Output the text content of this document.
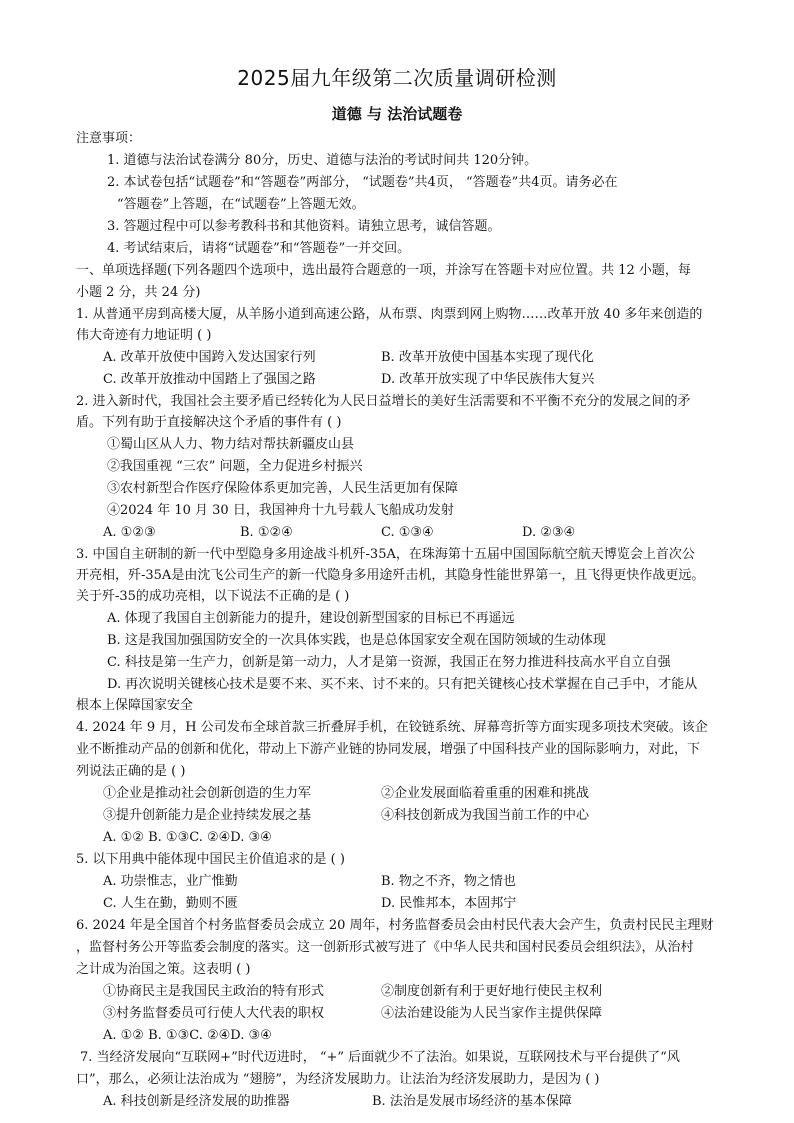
2025届九年级第二次质量调研检测
道德 与 法治试题卷
注意事项：
1. 道德与法治试卷满分 80分，历史、道德与法治的考试时间共 120分钟。
2. 本试卷包括“试题卷”和“答题卷”两部分， “试题卷”共4页， “答题卷”共4页。请务必在
“答题卷”上答题，在“试题卷”上答题无效。
3. 答题过程中可以参考教科书和其他资料。请独立思考，诚信答题。
4. 考试结束后，请将“试题卷”和“答题卷”一并交回。
一、单项选择题(下列各题四个选项中，选出最符合题意的一项，并涂写在答题卡对应位置。共 12 小题，每
小题 2 分，共 24 分)
1. 从普通平房到高楼大厦，从羊肠小道到高速公路，从布票、肉票到网上购物……改革开放 40 多年来创造的
伟大奇迹有力地证明 ( )
A. 改革开放使中国跨入发达国家行列	B. 改革开放使中国基本实现了现代化
C. 改革开放推动中国踏上了强国之路	D. 改革开放实现了中华民族伟大复兴
2. 进入新时代，我国社会主要矛盾已经转化为人民日益增长的美好生活需要和不平衡不充分的发展之间的矛
盾。下列有助于直接解决这个矛盾的事件有 ( )
①蜀山区从人力、物力结对帮扶新疆皮山县
②我国重视 “三农” 问题，全力促进乡村振兴
③农村新型合作医疗保险体系更加完善，人民生活更加有保障
④2024 年 10 月 30 日，我国神舟十九号载人飞船成功发射
A. ①②③	B. ①②④	C. ①③④	D. ②③④
3. 中国自主研制的新一代中型隐身多用途战斗机歼-35A，在珠海第十五届中国国际航空航天博览会上首次公
开亮相，歼-35A是由沈飞公司生产的新一代隐身多用途歼击机，其隐身性能世界第一，且飞得更快作战更远。
关于歼-35的成功亮相，以下说法不正确的是 ( )
A. 体现了我国自主创新能力的提升，建设创新型国家的目标已不再遥远
B. 这是我国加强国防安全的一次具体实践，也是总体国家安全观在国防领域的生动体现
C. 科技是第一生产力，创新是第一动力，人才是第一资源，我国正在努力推进科技高水平自立自强
D. 再次说明关键核心技术是要不来、买不来、讨不来的。只有把关键核心技术掌握在自己手中，才能从
根本上保障国家安全
4. 2024 年 9 月，H 公司发布全球首款三折叠屏手机，在铰链系统、屏幕弯折等方面实现多项技术突破。该企
业不断推动产品的创新和优化，带动上下游产业链的协同发展，增强了中国科技产业的国际影响力，对此，下
列说法正确的是 ( )
①企业是推动社会创新创造的生力军	②企业发展面临着重重的困难和挑战
③提升创新能力是企业持续发展之基	④科技创新成为我国当前工作的中心
A. ①② B. ①③C. ②④D. ③④
5. 以下用典中能体现中国民主价值追求的是 ( )
A. 功崇惟志，业广惟勤	B. 物之不齐，物之情也
C. 人生在勤，勤则不匮	D. 民惟邦本，本固邦宁
6. 2024 年是全国首个村务监督委员会成立 20 周年，村务监督委员会由村民代表大会产生，负责村民民主理财
，监督村务公开等监委会制度的落实。这一创新形式被写进了《中华人民共和国村民委员会组织法》，从治村
之计成为治国之策。这表明 ( )
①协商民主是我国民主政治的特有形式	②制度创新有利于更好地行使民主权利
③村务监督委员可行使人大代表的职权	④法治建设能为人民当家作主提供保障
A. ①② B. ①③C. ②④D. ③④
7. 当经济发展向“互联网+”时代迈进时， “+” 后面就少不了法治。如果说，互联网技术与平台提供了“风
口”，那么，必须让法治成为 “翅膀”，为经济发展助力。让法治为经济发展助力，是因为 ( )
A. 科技创新是经济发展的助推器	B. 法治是发展市场经济的基本保障
